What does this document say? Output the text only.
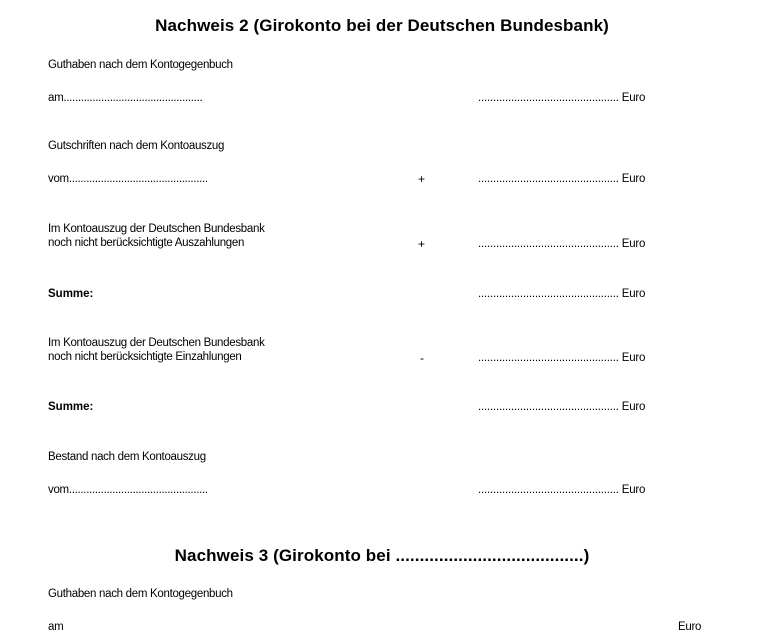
Nachweis 2 (Girokonto bei der Deutschen Bundesbank)
Guthaben nach dem Kontogegenbuch
am................................................	............................................... Euro
Gutschriften nach dem Kontoauszug
vom................................................	+	............................................... Euro
Im Kontoauszug der Deutschen Bundesbank
noch nicht berücksichtigte Auszahlungen	+	............................................... Euro
Summe:	............................................... Euro
Im Kontoauszug der Deutschen Bundesbank
noch nicht berücksichtigte Einzahlungen	-	............................................... Euro
Summe:	............................................... Euro
Bestand nach dem Kontoauszug
vom................................................	............................................... Euro
Nachweis 3 (Girokonto bei .......................................)
Guthaben nach dem Kontogegenbuch
am	Euro
